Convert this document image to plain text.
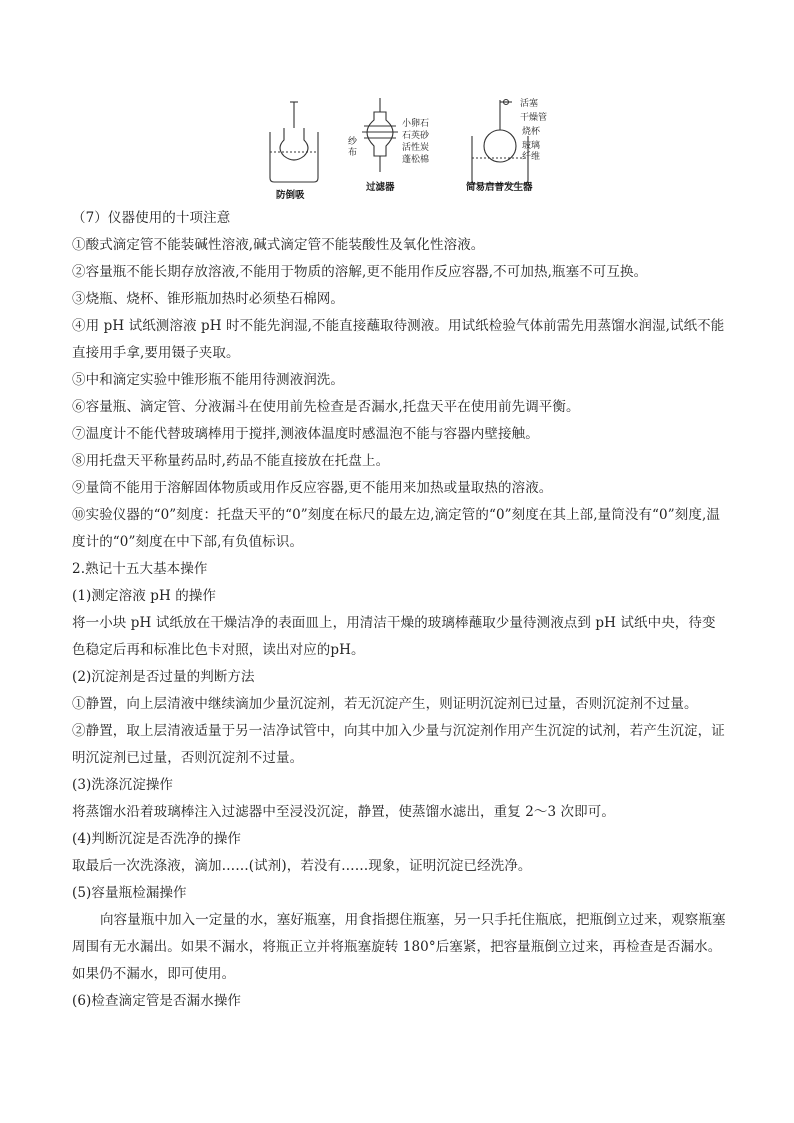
防倒吸
纱
布
小卵石
石英砂
活性炭
蓬松棉
过滤器
活塞
干燥管
烧杯
玻璃
纤维
简易启普发生器
（7）仪器使用的十项注意
①酸式滴定管不能装碱性溶液,碱式滴定管不能装酸性及氧化性溶液。
②容量瓶不能长期存放溶液,不能用于物质的溶解,更不能用作反应容器,不可加热,瓶塞不可互换。
③烧瓶、烧杯、锥形瓶加热时必须垫石棉网。
④用 pH 试纸测溶液 pH 时不能先润湿,不能直接蘸取待测液。用试纸检验气体前需先用蒸馏水润湿,试纸不能直接用手拿,要用镊子夹取。
⑤中和滴定实验中锥形瓶不能用待测液润洗。
⑥容量瓶、滴定管、分液漏斗在使用前先检查是否漏水,托盘天平在使用前先调平衡。
⑦温度计不能代替玻璃棒用于搅拌,测液体温度时感温泡不能与容器内壁接触。
⑧用托盘天平称量药品时,药品不能直接放在托盘上。
⑨量筒不能用于溶解固体物质或用作反应容器,更不能用来加热或量取热的溶液。
⑩实验仪器的“0”刻度：托盘天平的“0”刻度在标尺的最左边,滴定管的“0”刻度在其上部,量筒没有“0”刻度,温度计的“0”刻度在中下部,有负值标识。
2.熟记十五大基本操作
(1)测定溶液 pH 的操作
将一小块 pH 试纸放在干燥洁净的表面皿上，用清洁干燥的玻璃棒蘸取少量待测液点到 pH 试纸中央，待变色稳定后再和标准比色卡对照，读出对应的pH。
(2)沉淀剂是否过量的判断方法
①静置，向上层清液中继续滴加少量沉淀剂，若无沉淀产生，则证明沉淀剂已过量，否则沉淀剂不过量。
②静置，取上层清液适量于另一洁净试管中，向其中加入少量与沉淀剂作用产生沉淀的试剂，若产生沉淀，证明沉淀剂已过量，否则沉淀剂不过量。
(3)洗涤沉淀操作
将蒸馏水沿着玻璃棒注入过滤器中至浸没沉淀，静置，使蒸馏水滤出，重复 2～3 次即可。
(4)判断沉淀是否洗净的操作
取最后一次洗涤液，滴加……(试剂)，若没有……现象，证明沉淀已经洗净。
(5)容量瓶检漏操作
向容量瓶中加入一定量的水，塞好瓶塞，用食指摁住瓶塞，另一只手托住瓶底，把瓶倒立过来，观察瓶塞周围有无水漏出。如果不漏水，将瓶正立并将瓶塞旋转 180°后塞紧，把容量瓶倒立过来，再检查是否漏水。如果仍不漏水，即可使用。
(6)检查滴定管是否漏水操作
